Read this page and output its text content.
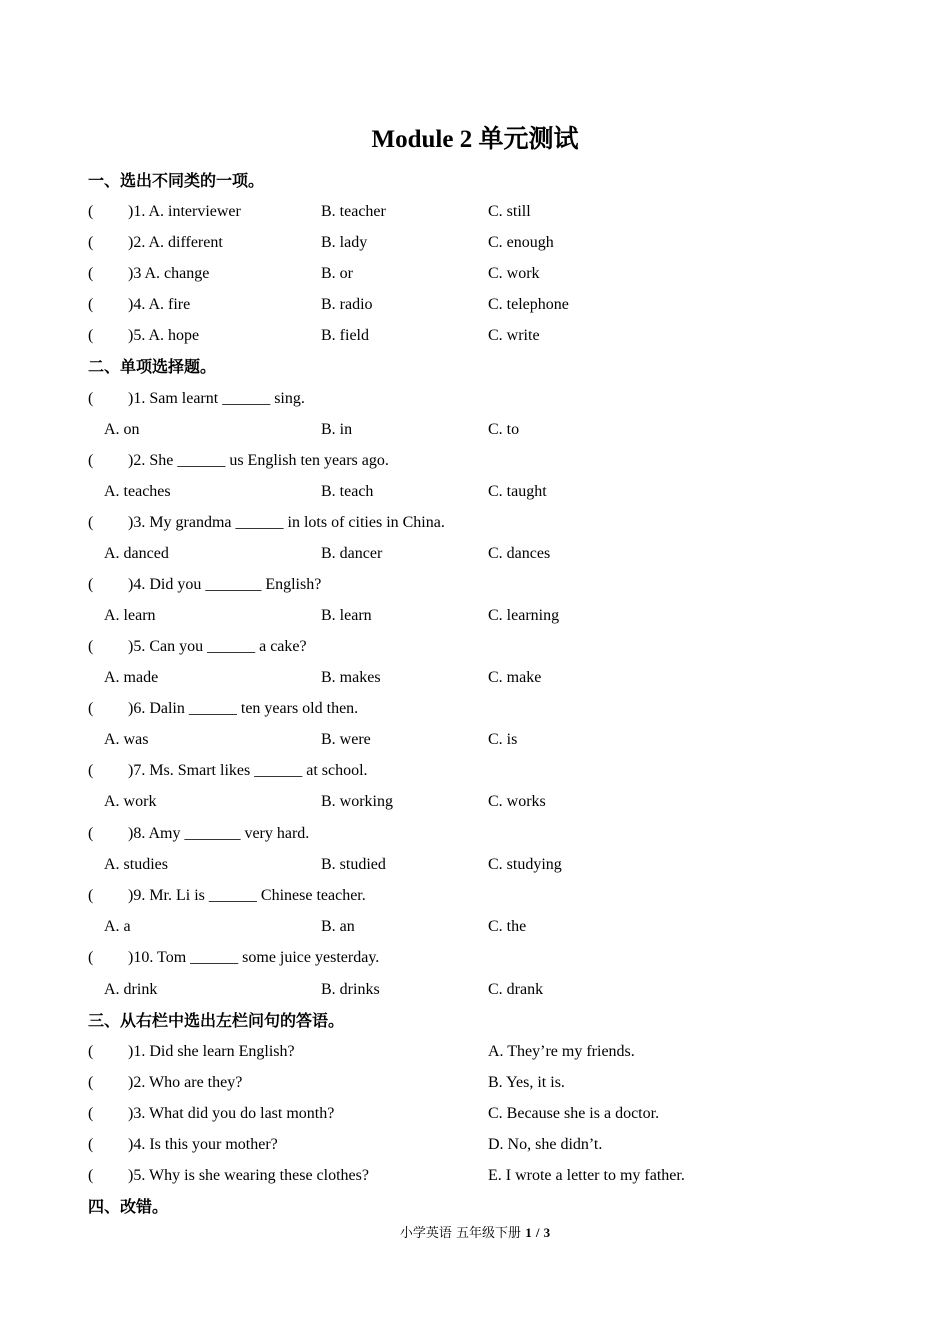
Module 2 单元测试
一、选出不同类的一项。
( )1. A. interviewer	B. teacher	C. still
( )2. A. different	B. lady	C. enough
( )3 A. change	B. or	C. work
( )4. A. fire	B. radio	C. telephone
( )5. A. hope	B. field	C. write
二、单项选择题。
( )1. Sam learnt ______ sing.
A. on	B. in	C. to
( )2. She ______ us English ten years ago.
A. teaches	B. teach	C. taught
( )3. My grandma ______ in lots of cities in China.
A. danced	B. dancer	C. dances
( )4. Did you _______ English?
A. learn	B. learn	C. learning
( )5. Can you ______ a cake?
A. made	B. makes	C. make
( )6. Dalin ______ ten years old then.
A. was	B. were	C. is
( )7. Ms. Smart likes ______ at school.
A. work	B. working	C. works
( )8. Amy _______ very hard.
A. studies	B. studied	C. studying
( )9. Mr. Li is ______ Chinese teacher.
A. a	B. an	C. the
( )10. Tom ______ some juice yesterday.
A. drink	B. drinks	C. drank
三、从右栏中选出左栏问句的答语。
( )1. Did she learn English?	A. They’re my friends.
( )2. Who are they?	B. Yes, it is.
( )3. What did you do last month?	C. Because she is a doctor.
( )4. Is this your mother?	D. No, she didn’t.
( )5. Why is she wearing these clothes?	E. I wrote a letter to my father.
四、改错。
小学英语 五年级下册 1 / 3
